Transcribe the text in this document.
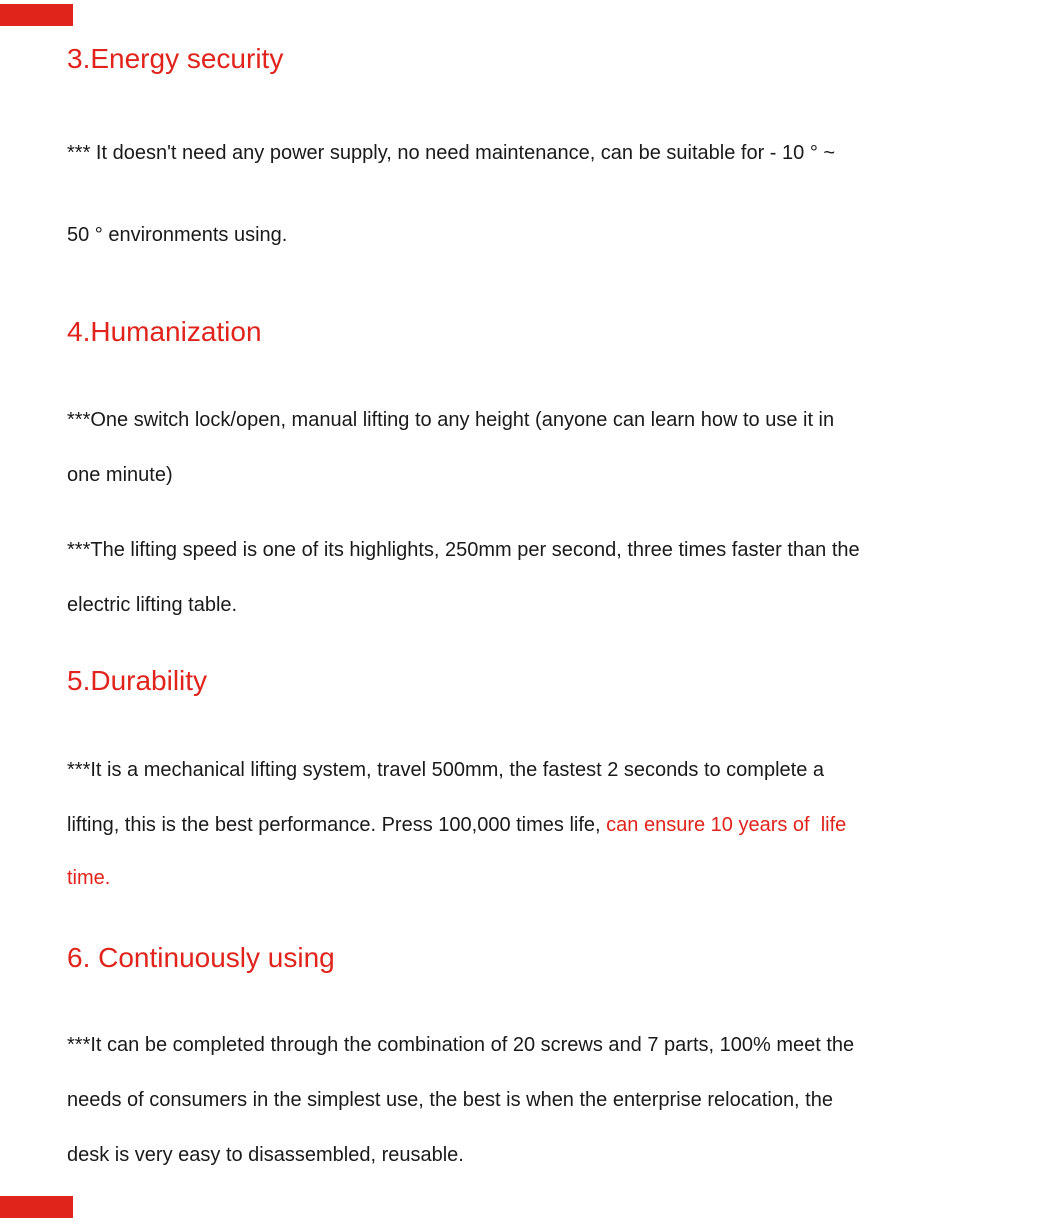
3.Energy security

*** It doesn't need any power supply, no need maintenance, can be suitable for - 10 ° ~

50 ° environments using.

4.Humanization

***One switch lock/open, manual lifting to any height (anyone can learn how to use it in

one minute)

***The lifting speed is one of its highlights, 250mm per second, three times faster than the

electric lifting table.

5.Durability

***It is a mechanical lifting system, travel 500mm, the fastest 2 seconds to complete a

lifting, this is the best performance. Press 100,000 times life, can ensure 10 years of  life

time.

6. Continuously using

***It can be completed through the combination of 20 screws and 7 parts, 100% meet the

needs of consumers in the simplest use, the best is when the enterprise relocation, the

desk is very easy to disassembled, reusable.
